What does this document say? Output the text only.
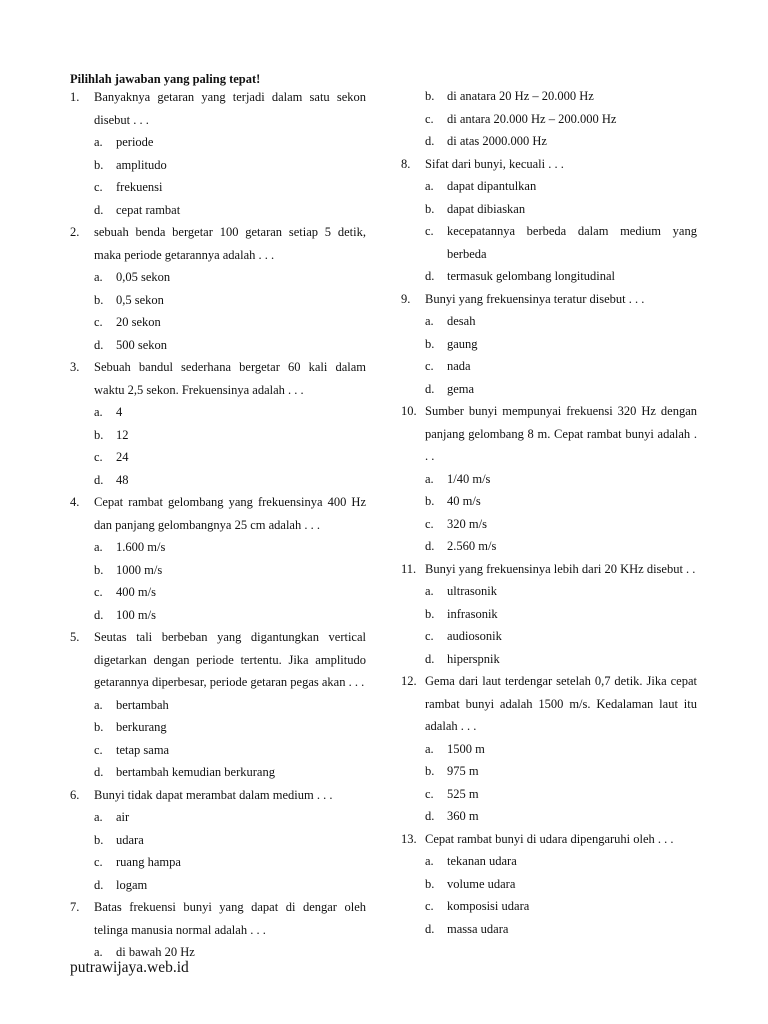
Pilihlah jawaban yang paling tepat!
1.	Banyaknya getaran yang terjadi dalam satu sekon disebut . . .
a.	periode
b.	amplitudo
c.	frekuensi
d.	cepat rambat
2.	sebuah benda bergetar 100 getaran setiap 5 detik, maka periode getarannya adalah . . .
a.	0,05 sekon
b.	0,5 sekon
c.	20 sekon
d.	500 sekon
3.	Sebuah bandul sederhana bergetar 60 kali dalam waktu 2,5 sekon. Frekuensinya adalah . . .
a.	4
b.	12
c.	24
d.	48
4.	Cepat rambat gelombang yang frekuensinya 400 Hz dan panjang gelombangnya 25 cm adalah . . .
a.	1.600 m/s
b.	1000 m/s
c.	400 m/s
d.	100 m/s
5.	Seutas tali berbeban yang digantungkan vertical digetarkan dengan periode tertentu. Jika amplitudo getarannya diperbesar, periode getaran pegas akan . . .
a.	bertambah
b.	berkurang
c.	tetap sama
d.	bertambah kemudian berkurang
6.	Bunyi tidak dapat merambat dalam medium . . .
a.	air
b.	udara
c.	ruang hampa
d.	logam
7.	Batas frekuensi bunyi yang dapat di dengar oleh telinga manusia normal adalah . . .
a.	di bawah 20 Hz
b.	di anatara 20 Hz – 20.000 Hz
c.	di antara 20.000 Hz – 200.000 Hz
d.	di atas 2000.000 Hz
8.	Sifat dari bunyi, kecuali . . .
a.	dapat dipantulkan
b.	dapat dibiaskan
c.	kecepatannya berbeda dalam medium yang berbeda
d.	termasuk gelombang longitudinal
9.	Bunyi yang frekuensinya teratur disebut . . .
a.	desah
b.	gaung
c.	nada
d.	gema
10. Sumber bunyi mempunyai frekuensi 320 Hz dengan panjang gelombang 8 m. Cepat rambat bunyi adalah . . .
a.	1/40 m/s
b.	40 m/s
c.	320 m/s
d.	2.560 m/s
11. Bunyi yang frekuensinya lebih dari 20 KHz disebut . .
a.	ultrasonik
b.	infrasonik
c.	audiosonik
d.	hiperspnik
12. Gema dari laut terdengar setelah 0,7 detik. Jika cepat rambat bunyi adalah 1500 m/s. Kedalaman laut itu adalah . . .
a.	1500 m
b.	975 m
c.	525 m
d.	360 m
13. Cepat rambat bunyi di udara dipengaruhi oleh . . .
a.	tekanan udara
b.	volume udara
c.	komposisi udara
d.	massa udara
putrawijaya.web.id
